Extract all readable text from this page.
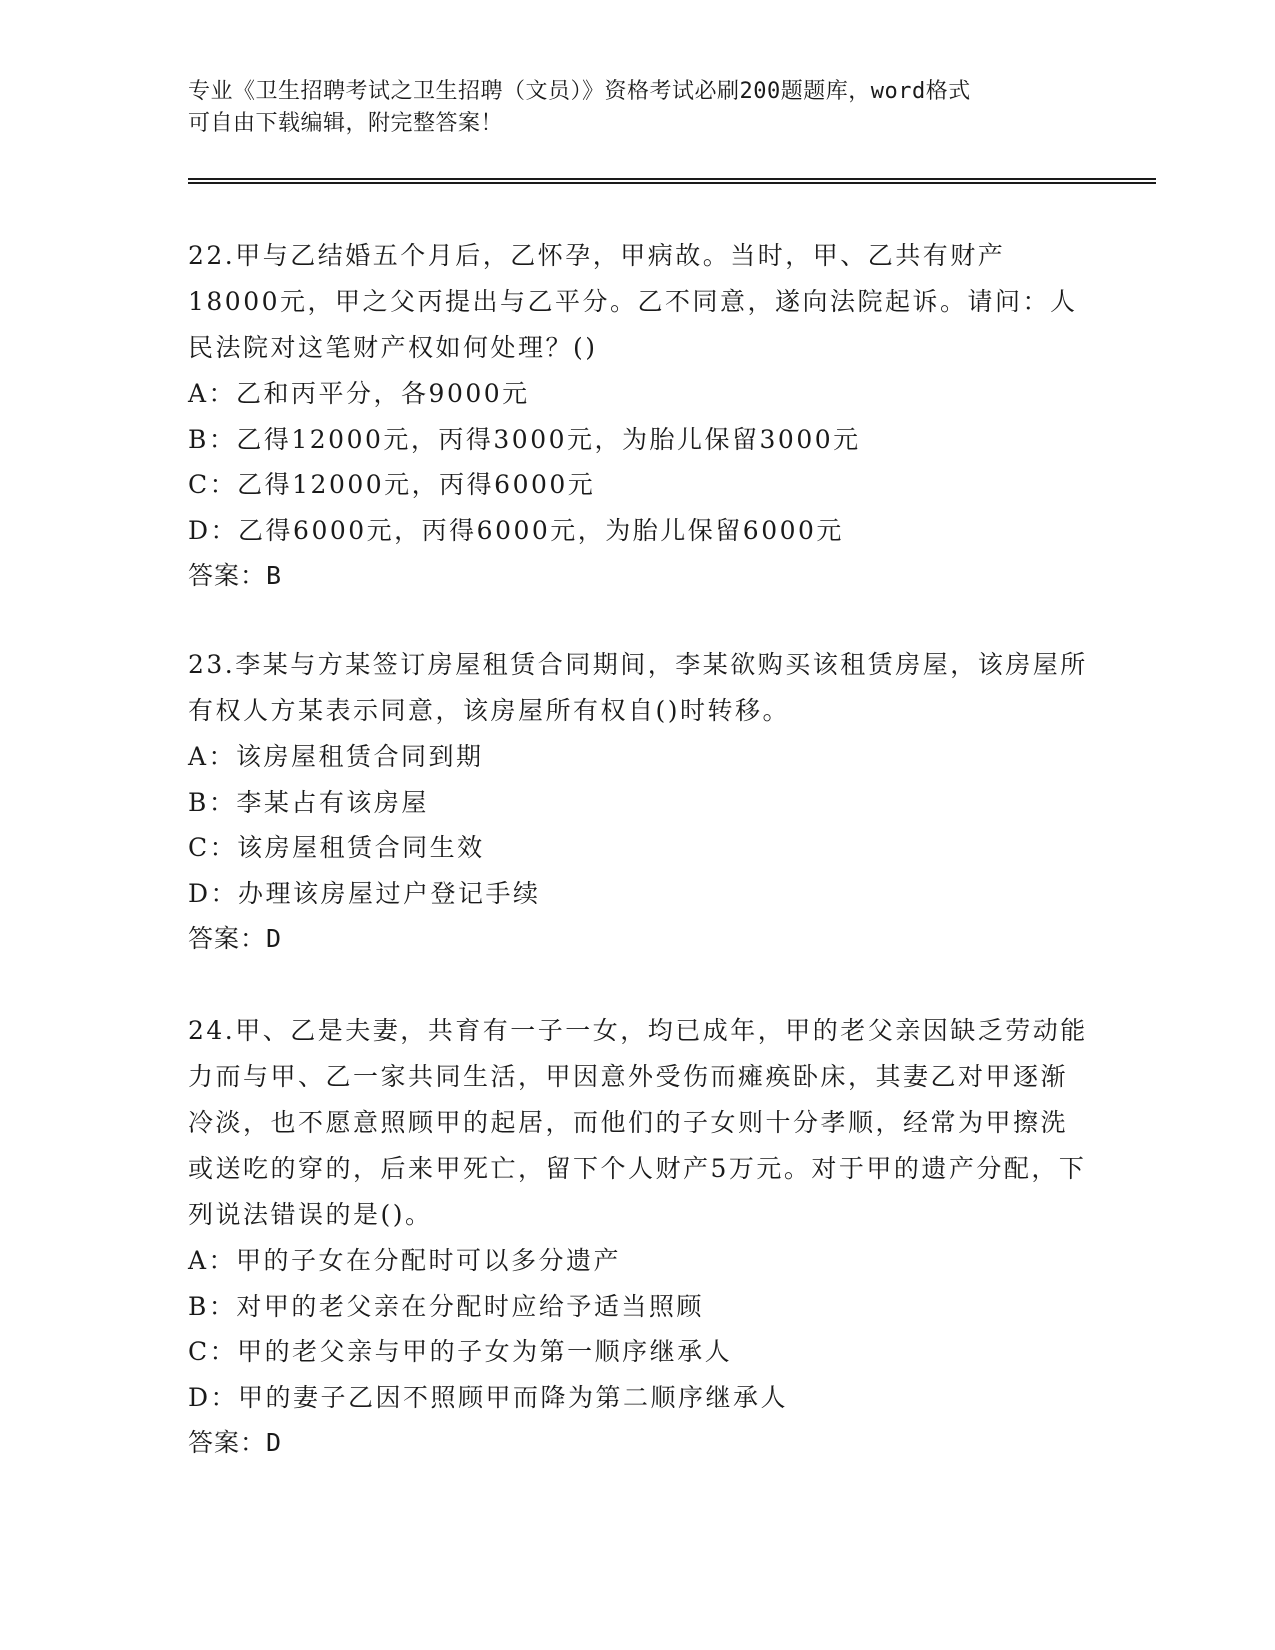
专业《卫生招聘考试之卫生招聘（文员）》资格考试必刷200题题库，word格式
可自由下载编辑，附完整答案！

22.甲与乙结婚五个月后，乙怀孕，甲病故。当时，甲、乙共有财产18000元，甲之父丙提出与乙平分。乙不同意，遂向法院起诉。请问：人民法院对这笔财产权如何处理？()

A：乙和丙平分，各9000元

B：乙得12000元，丙得3000元，为胎儿保留3000元

C：乙得12000元，丙得6000元

D：乙得6000元，丙得6000元，为胎儿保留6000元

答案：B

23.李某与方某签订房屋租赁合同期间，李某欲购买该租赁房屋，该房屋所有权人方某表示同意，该房屋所有权自()时转移。

A：该房屋租赁合同到期

B：李某占有该房屋

C：该房屋租赁合同生效

D：办理该房屋过户登记手续

答案：D

24.甲、乙是夫妻，共育有一子一女，均已成年，甲的老父亲因缺乏劳动能力而与甲、乙一家共同生活，甲因意外受伤而瘫痪卧床，其妻乙对甲逐渐冷淡，也不愿意照顾甲的起居，而他们的子女则十分孝顺，经常为甲擦洗或送吃的穿的，后来甲死亡，留下个人财产5万元。对于甲的遗产分配，下列说法错误的是()。

A：甲的子女在分配时可以多分遗产

B：对甲的老父亲在分配时应给予适当照顾

C：甲的老父亲与甲的子女为第一顺序继承人

D：甲的妻子乙因不照顾甲而降为第二顺序继承人

答案：D
